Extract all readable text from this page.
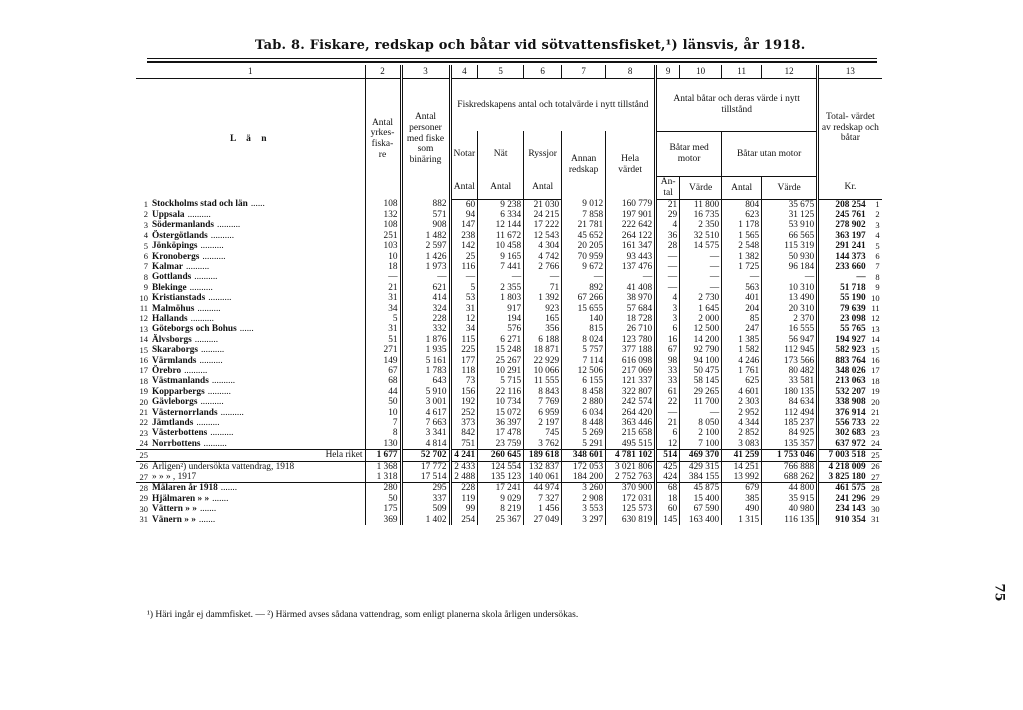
Tab. 8. Fiskare, redskap och båtar vid sötvattensfisket,¹) länsvis, år 1918.
1		2	3	4	5	6	7	8	9	10	11	12	13	
L ä n		Antal yrkes- fiska- re	Antal personer med fiske som binäring	Fiskredskapens antal och totalvärde i nytt tillstånd					Antal båtar och deras värde i nytt tillstånd				Total- värdet av redskap och båtar	
				Notar	Nät	Ryssjor	Annan redskap	Hela värdet	Båtar med motor		Båtar utan motor			
				Antal	Antal	Antal			An- tal	Värde	Antal	Värde	Kr.	
1	Stockholms stad och län ......	108	882	60	9 238	21 030	9 012	160 779	21	11 800	804	35 675	208 254	1
2	Uppsala ..........	132	571	94	6 334	24 215	7 858	197 901	29	16 735	623	31 125	245 761	2
3	Södermanlands ..........	108	908	147	12 144	17 222	21 781	222 642	4	2 350	1 178	53 910	278 902	3
4	Östergötlands ..........	251	1 482	238	11 672	12 543	45 652	264 122	36	32 510	1 565	66 565	363 197	4
5	Jönköpings ..........	103	2 597	142	10 458	4 304	20 205	161 347	28	14 575	2 548	115 319	291 241	5
6	Kronobergs ..........	10	1 426	25	9 165	4 742	70 959	93 443	—	—	1 382	50 930	144 373	6
7	Kalmar ..........	18	1 973	116	7 441	2 766	9 672	137 476	—	—	1 725	96 184	233 660	7
8	Gottlands ..........	—	—	—	—	—	—	—	—	—	—	—	—	8
9	Blekinge ..........	21	621	5	2 355	71	892	41 408	—	—	563	10 310	51 718	9
10	Kristianstads ..........	31	414	53	1 803	1 392	67 266	38 970	4	2 730	401	13 490	55 190	10
11	Malmöhus ..........	34	324	31	917	923	15 655	57 684	3	1 645	204	20 310	79 639	11
12	Hallands ..........	5	228	12	194	165	140	18 728	3	2 000	85	2 370	23 098	12
13	Göteborgs och Bohus ......	31	332	34	576	356	815	26 710	6	12 500	247	16 555	55 765	13
14	Älvsborgs ..........	51	1 876	115	6 271	6 188	8 024	123 780	16	14 200	1 385	56 947	194 927	14
15	Skaraborgs ..........	271	1 935	225	15 248	18 871	5 757	377 188	67	92 790	1 582	112 945	582 923	15
16	Värmlands ..........	149	5 161	177	25 267	22 929	7 114	616 098	98	94 100	4 246	173 566	883 764	16
17	Örebro ..........	67	1 783	118	10 291	10 066	12 506	217 069	33	50 475	1 761	80 482	348 026	17
18	Västmanlands ..........	68	643	73	5 715	11 555	6 155	121 337	33	58 145	625	33 581	213 063	18
19	Kopparbergs ..........	44	5 910	156	22 116	8 843	8 458	322 807	61	29 265	4 601	180 135	532 207	19
20	Gävleborgs ..........	50	3 001	192	10 734	7 769	2 880	242 574	22	11 700	2 303	84 634	338 908	20
21	Västernorrlands ..........	10	4 617	252	15 072	6 959	6 034	264 420	—	—	2 952	112 494	376 914	21
22	Jämtlands ..........	7	7 663	373	36 397	2 197	8 448	363 446	21	8 050	4 344	185 237	556 733	22
23	Västerbottens ..........	8	3 341	842	17 478	745	5 269	215 658	6	2 100	2 852	84 925	302 683	23
24	Norrbottens ..........	130	4 814	751	23 759	3 762	5 291	495 515	12	7 100	3 083	135 357	637 972	24
25	Hela riket	1 677	52 702	4 241	260 645	189 618	348 601	4 781 102	514	469 370	41 259	1 753 046	7 003 518	25
26	Årligen²) undersökta vattendrag, 1918	1 368	17 772	2 433	124 554	132 837	172 053	3 021 806	425	429 315	14 251	766 888	4 218 009	26
27	» » » , 1917	1 318	17 514	2 488	135 123	140 061	184 200	2 752 763	424	384 155	13 992	688 262	3 825 180	27
28	Mälaren år 1918 .......	280	295	228	17 241	44 974	3 260	370 900	68	45 875	679	44 800	461 575	28
29	Hjälmaren » » .......	50	337	119	9 029	7 327	2 908	172 031	18	15 400	385	35 915	241 296	29
30	Vättern » » .......	175	509	99	8 219	1 456	3 553	125 573	60	67 590	490	40 980	234 143	30
31	Vänern » » .......	369	1 402	254	25 367	27 049	3 297	630 819	145	163 400	1 315	116 135	910 354	31
¹) Häri ingår ej dammfisket. — ²) Härmed avses sådana vattendrag, som enligt planerna skola årligen undersökas.
75
